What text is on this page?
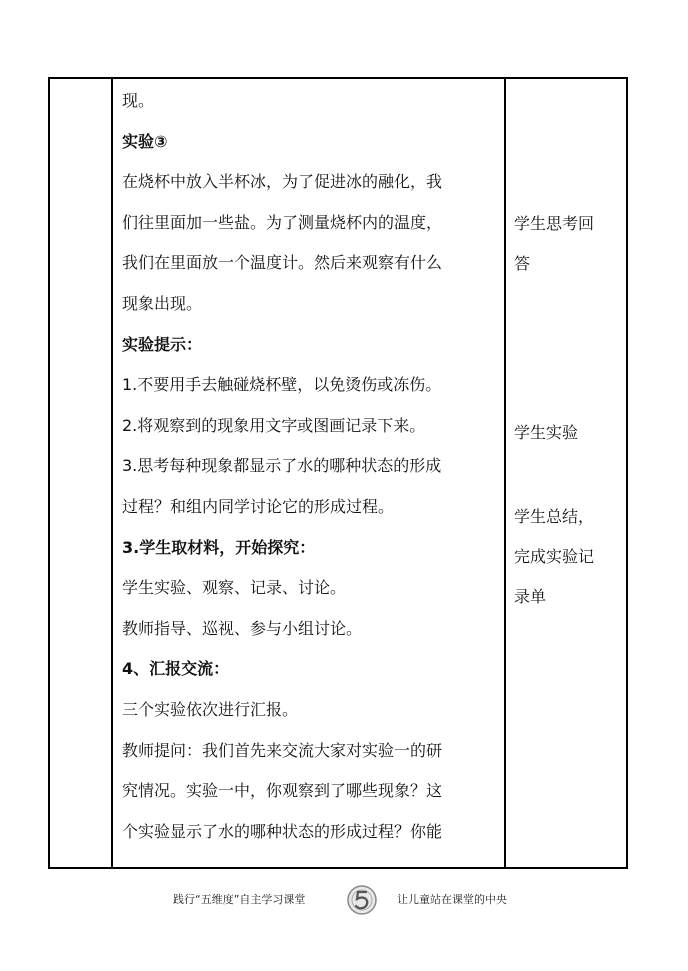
现。

实验③

在烧杯中放入半杯冰，为了促进冰的融化，我

们往里面加一些盐。为了测量烧杯内的温度，

我们在里面放一个温度计。然后来观察有什么

现象出现。

实验提示：

1.不要用手去触碰烧杯壁，以免烫伤或冻伤。

2.将观察到的现象用文字或图画记录下来。

3.思考每种现象都显示了水的哪种状态的形成

过程？和组内同学讨论它的形成过程。

3.学生取材料，开始探究：

学生实验、观察、记录、讨论。

教师指导、巡视、参与小组讨论。

4、汇报交流：

三个实验依次进行汇报。

教师提问：我们首先来交流大家对实验一的研

究情况。实验一中，你观察到了哪些现象？这

个实验显示了水的哪种状态的形成过程？你能

学生思考回

答

学生实验

学生总结，

完成实验记

录单

践行“五维度”自主学习课堂	让儿童站在课堂的中央
